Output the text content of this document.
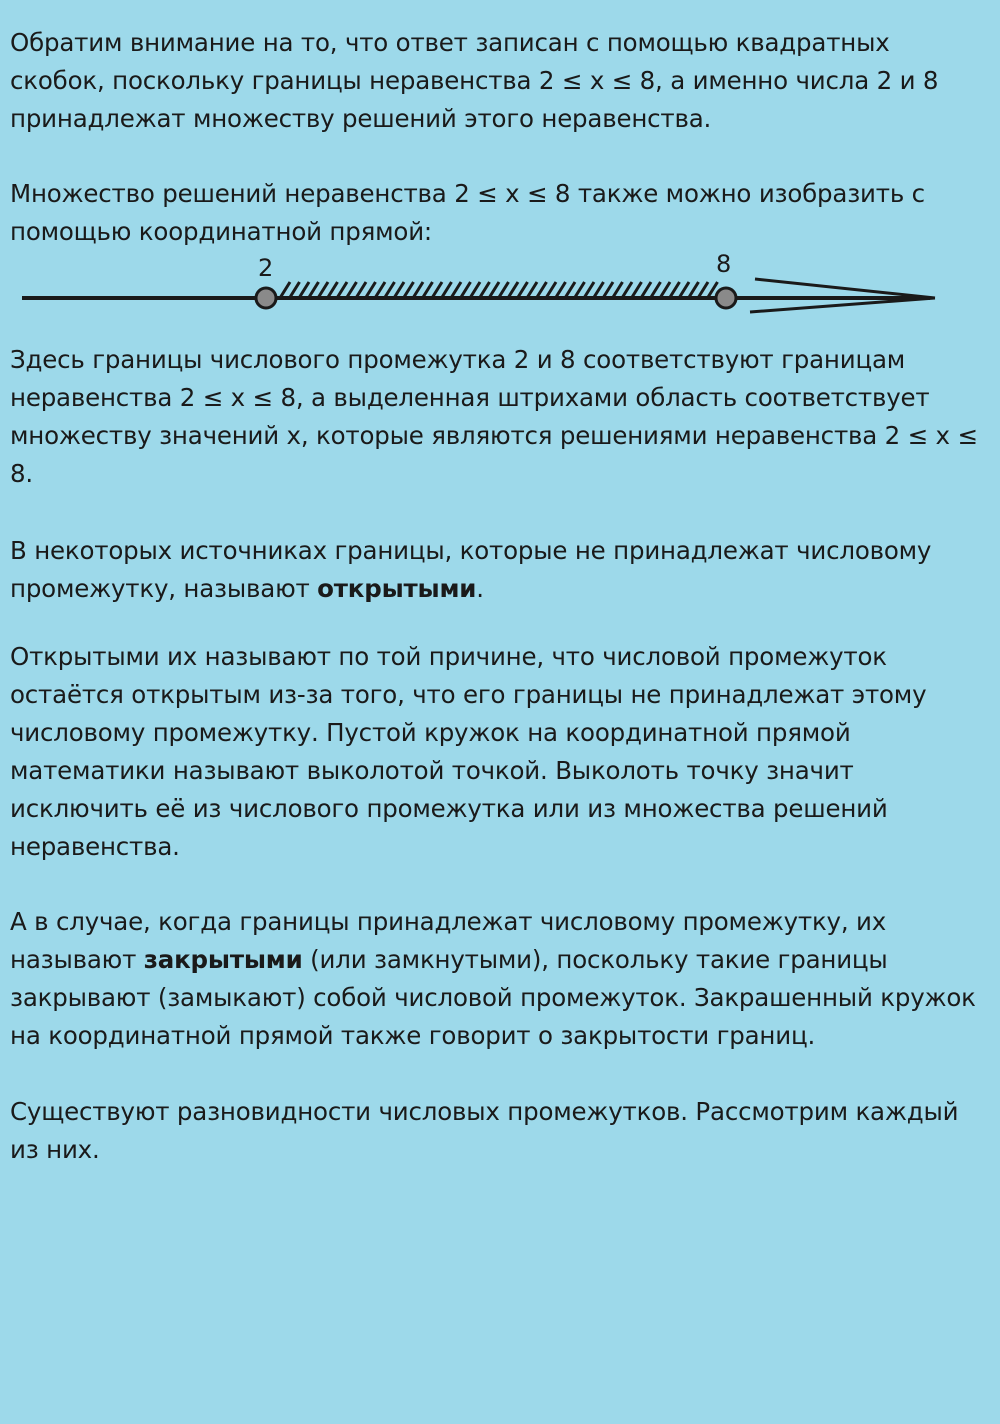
Обратим внимание на то, что ответ записан с помощью квадратных скобок, поскольку границы неравенства 2 ≤ x ≤ 8, а именно числа 2 и 8 принадлежат множеству решений этого неравенства.

Множество решений неравенства 2 ≤ x ≤ 8 также можно изобразить с помощью координатной прямой:

2	8

Здесь границы числового промежутка 2 и 8 соответствуют границам неравенства 2 ≤ x ≤ 8, а выделенная штрихами область соответствует множеству значений x, которые являются решениями неравенства 2 ≤ x ≤ 8.

В некоторых источниках границы, которые не принадлежат числовому промежутку, называют открытыми.

Открытыми их называют по той причине, что числовой промежуток остаётся открытым из-за того, что его границы не принадлежат этому числовому промежутку. Пустой кружок на координатной прямой математики называют выколотой точкой. Выколоть точку значит исключить её из числового промежутка или из множества решений неравенства.

А в случае, когда границы принадлежат числовому промежутку, их называют закрытыми (или замкнутыми), поскольку такие границы закрывают (замыкают) собой числовой промежуток. Закрашенный кружок на координатной прямой также говорит о закрытости границ.

Существуют разновидности числовых промежутков. Рассмотрим каждый из них.
